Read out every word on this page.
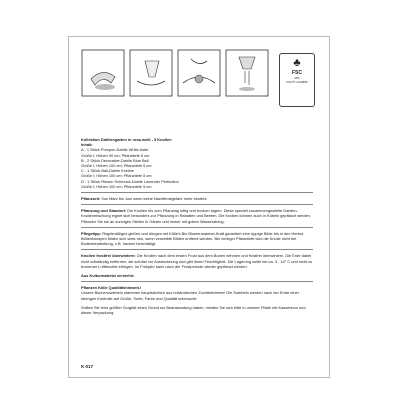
♣
FSC
MIX
FSC® C114886
Kollektion Dahliengarten in rosa-weiß - 5 Knollen
Inhalt:
A - 1 Stück Pompon-Dahlie White Aster
Größe I; Höhen 90 cm; Pflanztiefe 5 cm
B - 2 Stück Decorative-Dahlie Blue Bell
Größe I; Höhen 100 cm; Pflanztiefe 5 cm
C - 1 Stück Ball-Dahlie Eveline
Größe I; Höhen 100 cm; Pflanztiefe 5 cm
D - 1 Stück Riesen Schmuck-Dahlie Lavender Perfection
Größe I; Höhen 100 cm; Pflanztiefe 5 cm
Pflanzzeit: Von März bis Juni wenn keine Nachtfrostgefahr mehr besteht.
Pflanzung und Standort: Die Knollen bis zum Pflanztag luftig und trocken lagern. Diese speziell zusammengestellte Dahlien-Knollenmischung eignet sich besonders zur Pflanzung in Rabatten und Beeten. Die Knollen können auch in Kübeln gepflanzt werden. Pflanzen Sie sie an sonnigen Stellen in Gärten und immer mit gutem Wasserabzug.
Pflegetipp: Regelmäßiges gießen und düngen mit Kölle's Bio Blumenzwiebel-Kraft garantiert eine üppige Blüte bis in den Herbst. Blütenknospen bilden sich stets neu, wenn verwelkte Blüten entfernt werden. Bei richtiger Pflanztiefe wird die Knolle nicht bei Bodenbearbeitung, z.B. hacken beschädigt.
Knollen frostfrei überwintern: Die Knollen nach dem ersten Frost aus dem Boden nehmen und frostfrei überwintern. Die Erde dabei nicht vollständig entfernen, sie schützt vor Austrocknung und gibt ihnen Feuchtigkeit. Die Lagerung sollte bei ca. 3 - 10° C und nicht zu trockener Luftfeuchte erfolgen. Im Frühjahr kann nach der Frostperiode wieder gepflanzt werden.
Aus Kulturmaterial vermehrt.
Pflanzen Kölle Qualitätshinweis!
Unsere Blumenzwiebeln stammen hauptsächlich aus holländischen Zuchtbetrieben! Die Zwiebeln werden nach der Ernte einer strengen Kontrolle auf Größe, Sorte, Farbe und Qualität untersucht.
Sollten Sie trotz größter Sorgfalt einen Grund zur Beanstandung haben, melden Sie sich bitte in unserer Filiale mit Kassenbon und dieser Verpackung.
K 017
